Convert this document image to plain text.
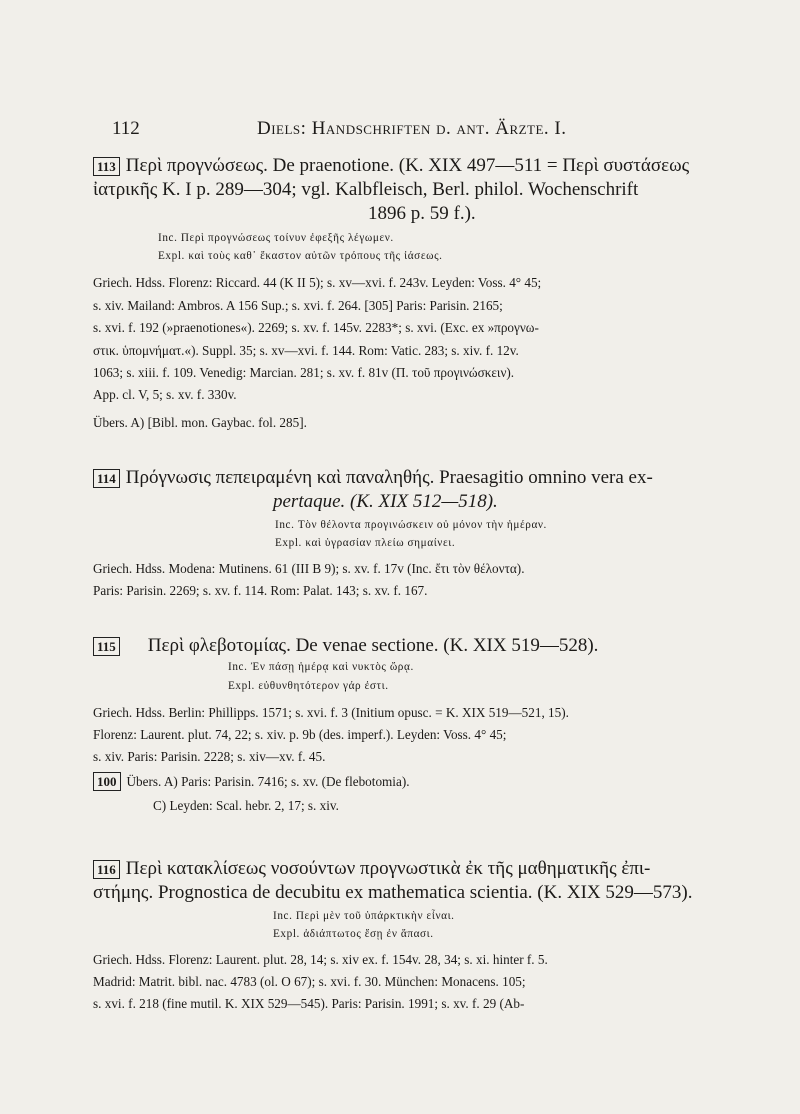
112	Diels: Handschriften d. ant. Ärzte. I.
113 Περὶ προγνώσεως. De praenotione. (K. XIX 497—511 = Περὶ συστάσεως
ἰατρικῆς K. I p. 289—304; vgl. Kalbfleisch, Berl. philol. Wochenschrift
1896 p. 59 f.).
Inc. Περὶ προγνώσεως τοίνυν ἐφεξῆς λέγωμεν.
Expl. καὶ τοὺς καθ᾽ ἕκαστον αὐτῶν τρόπους τῆς ἰάσεως.
Griech. Hdss. Florenz: Riccard. 44 (K II 5); s. xv—xvi. f. 243v. Leyden: Voss. 4° 45;
s. xiv. Mailand: Ambros. A 156 Sup.; s. xvi. f. 264. [305] Paris: Parisin. 2165;
s. xvi. f. 192 (»praenotiones«). 2269; s. xv. f. 145v. 2283*; s. xvi. (Exc. ex »προγνω-
στικ. ὑπομνήματ.«). Suppl. 35; s. xv—xvi. f. 144. Rom: Vatic. 283; s. xiv. f. 12v.
1063; s. xiii. f. 109. Venedig: Marcian. 281; s. xv. f. 81v (Π. τοῦ προγινώσκειν).
App. cl. V, 5; s. xv. f. 330v.
Übers. A) [Bibl. mon. Gaybac. fol. 285].
114 Πρόγνωσις πεπειραμένη καὶ παναληθής. Praesagitio omnino vera ex-
pertaque. (K. XIX 512—518).
Inc. Τὸν θέλοντα προγινώσκειν οὐ μόνον τὴν ἡμέραν.
Expl. καὶ ὑγρασίαν πλείω σημαίνει.
Griech. Hdss. Modena: Mutinens. 61 (III B 9); s. xv. f. 17v (Inc. ἔτι τὸν θέλοντα).
Paris: Parisin. 2269; s. xv. f. 114. Rom: Palat. 143; s. xv. f. 167.
115 Περὶ φλεβοτομίας. De venae sectione. (K. XIX 519—528).
Inc. Ἐν πάσῃ ἡμέρᾳ καὶ νυκτὸς ὥρᾳ.
Expl. εὐθυνθητότερον γάρ ἐστι.
Griech. Hdss. Berlin: Phillipps. 1571; s. xvi. f. 3 (Initium opusc. = K. XIX 519—521, 15).
Florenz: Laurent. plut. 74, 22; s. xiv. p. 9b (des. imperf.). Leyden: Voss. 4° 45;
s. xiv. Paris: Parisin. 2228; s. xiv—xv. f. 45.
100 Übers. A) Paris: Parisin. 7416; s. xv. (De flebotomia).
C) Leyden: Scal. hebr. 2, 17; s. xiv.
116 Περὶ κατακλίσεως νοσούντων προγνωστικὰ ἐκ τῆς μαθηματικῆς ἐπι-
στήμης. Prognostica de decubitu ex mathematica scientia. (K. XIX 529—573).
Inc. Περὶ μὲν τοῦ ὑπάρκτικὴν εἶναι.
Expl. ἀδιάπτωτος ἔσῃ ἐν ἅπασι.
Griech. Hdss. Florenz: Laurent. plut. 28, 14; s. xiv ex. f. 154v. 28, 34; s. xi. hinter f. 5.
Madrid: Matrit. bibl. nac. 4783 (ol. O 67); s. xvi. f. 30. München: Monacens. 105;
s. xvi. f. 218 (fine mutil. K. XIX 529—545). Paris: Parisin. 1991; s. xv. f. 29 (Ab-
